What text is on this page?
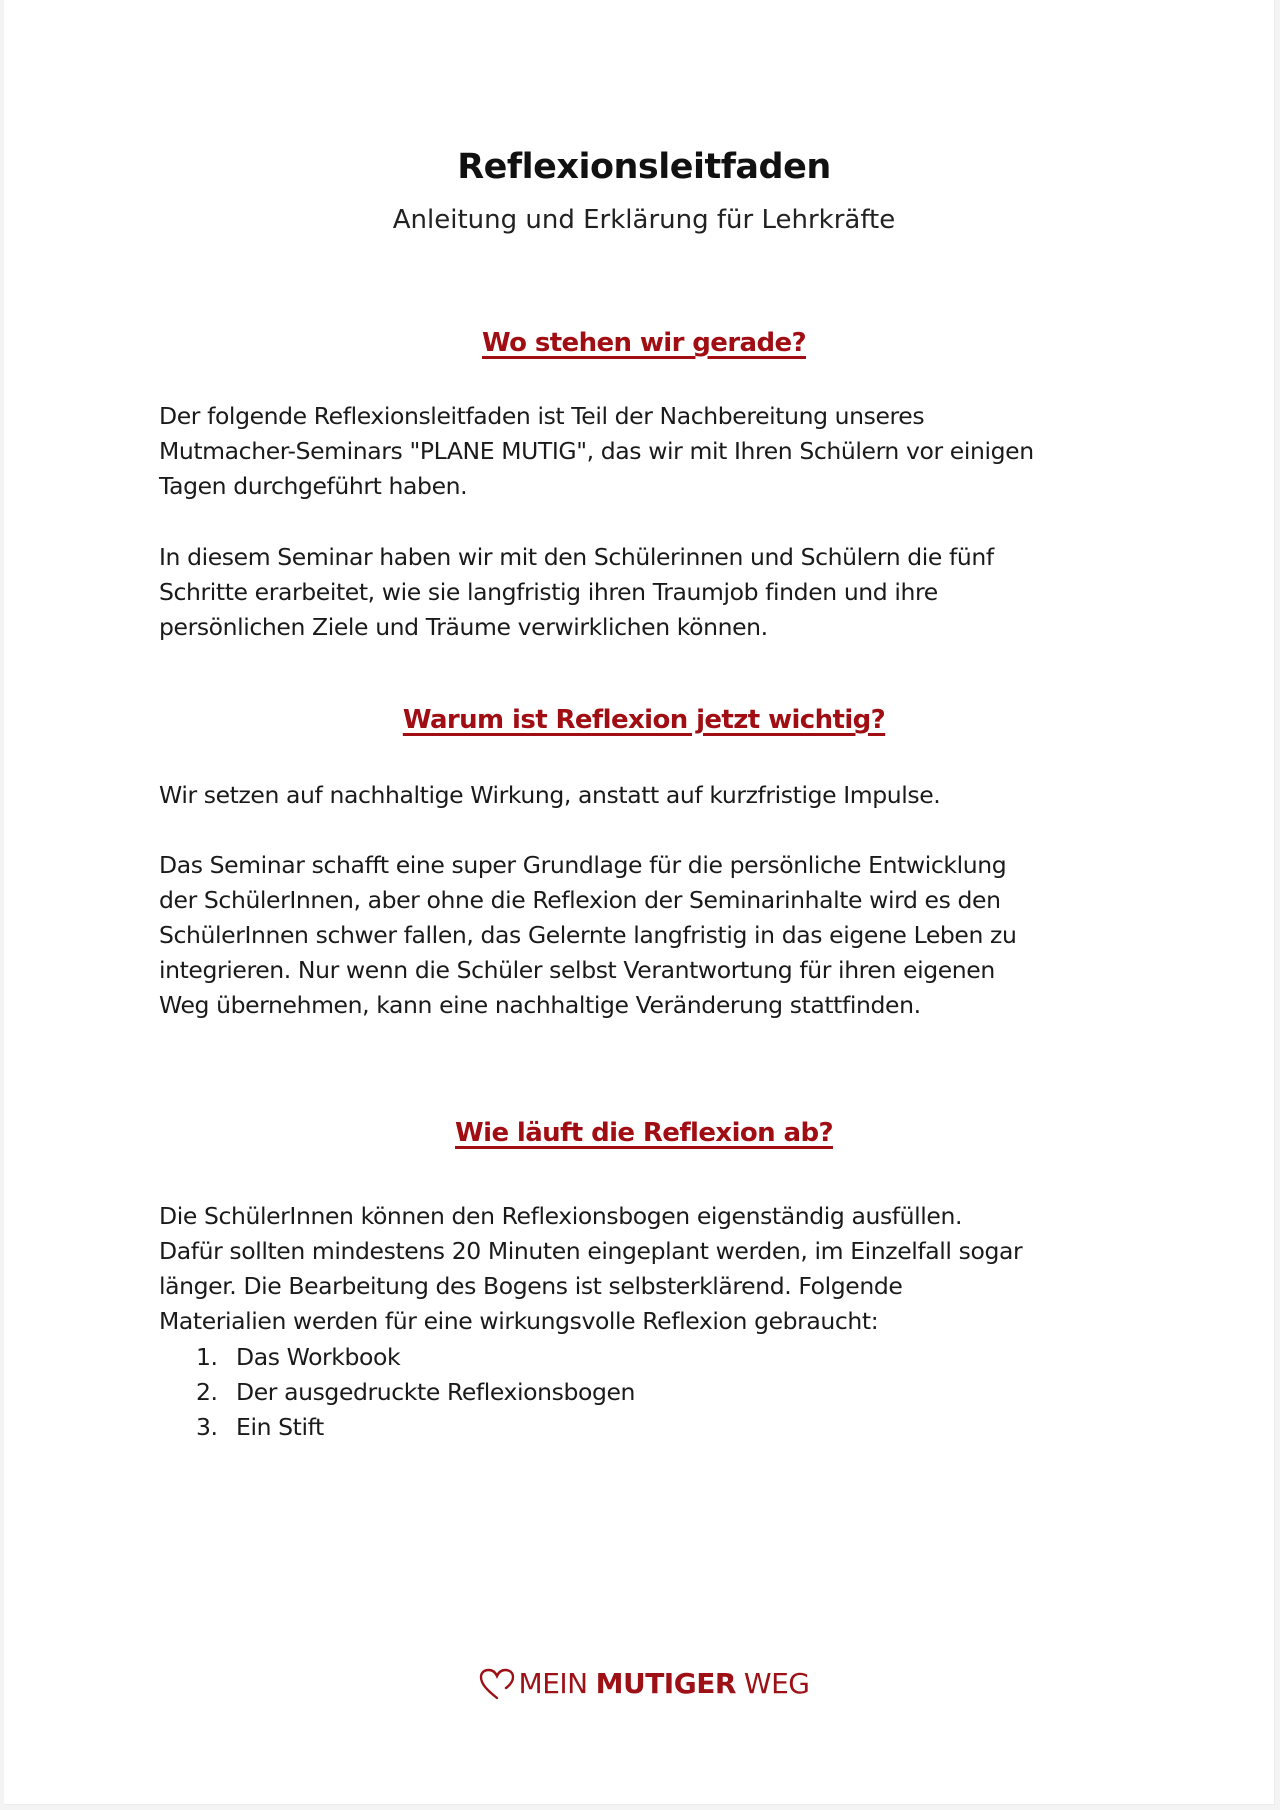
Reflexionsleitfaden
Anleitung und Erklärung für Lehrkräfte
Wo stehen wir gerade?

Der folgende Reflexionsleitfaden ist Teil der Nachbereitung unseres
Mutmacher-Seminars "PLANE MUTIG", das wir mit Ihren Schülern vor einigen
Tagen durchgeführt haben.

In diesem Seminar haben wir mit den Schülerinnen und Schülern die fünf
Schritte erarbeitet, wie sie langfristig ihren Traumjob finden und ihre
persönlichen Ziele und Träume verwirklichen können.

Warum ist Reflexion jetzt wichtig?

Wir setzen auf nachhaltige Wirkung, anstatt auf kurzfristige Impulse.

Das Seminar schafft eine super Grundlage für die persönliche Entwicklung
der SchülerInnen, aber ohne die Reflexion der Seminarinhalte wird es den
SchülerInnen schwer fallen, das Gelernte langfristig in das eigene Leben zu
integrieren. Nur wenn die Schüler selbst Verantwortung für ihren eigenen
Weg übernehmen, kann eine nachhaltige Veränderung stattfinden.

Wie läuft die Reflexion ab?

Die SchülerInnen können den Reflexionsbogen eigenständig ausfüllen.
Dafür sollten mindestens 20 Minuten eingeplant werden, im Einzelfall sogar
länger. Die Bearbeitung des Bogens ist selbsterklärend. Folgende
Materialien werden für eine wirkungsvolle Reflexion gebraucht:

1. Das Workbook
2. Der ausgedruckte Reflexionsbogen
3. Ein Stift
MEIN MUTIGER WEG
